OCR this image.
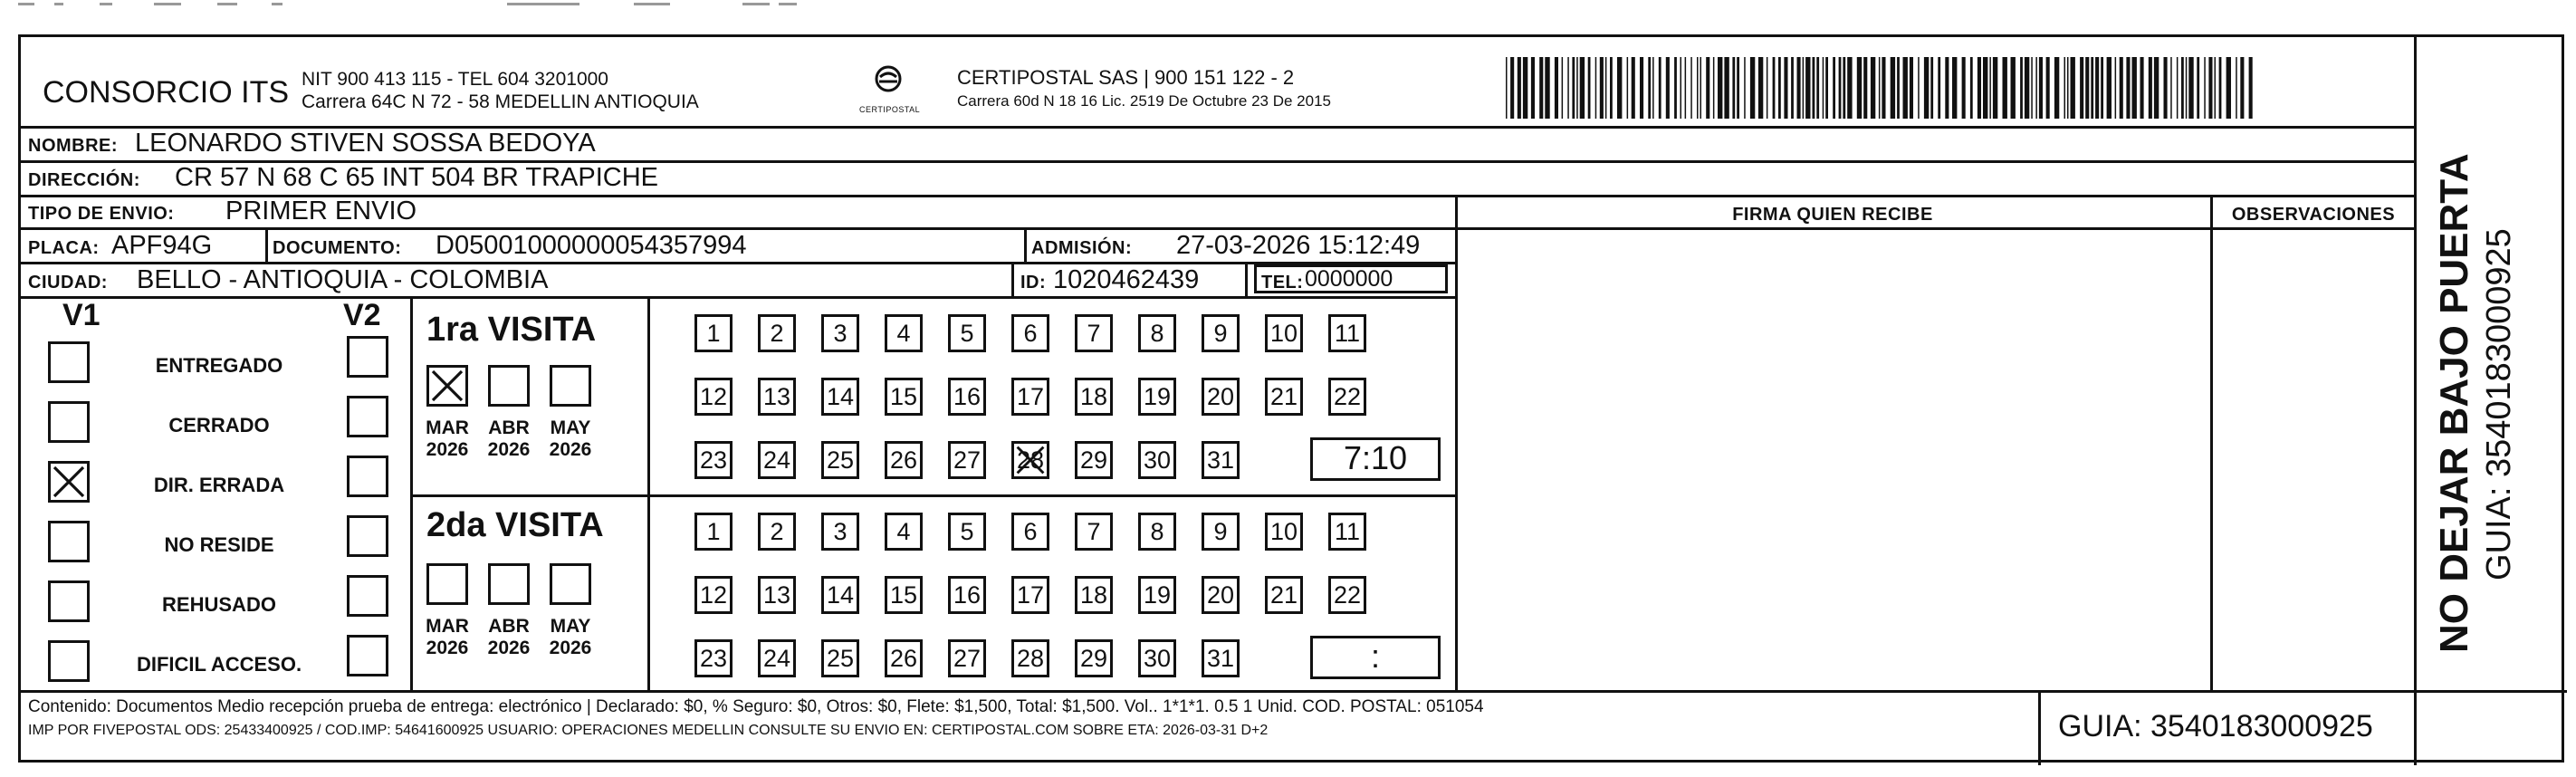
CONSORCIO ITS NIT 900 413 115 - TEL 604 3201000
Carrera 64C N 72 - 58 MEDELLIN ANTIOQUIA	CERTIPOSTAL
CERTIPOSTAL SAS | 900 151 122 - 2
Carrera 60d N 18 16 Lic. 2519 De Octubre 23 De 2015
NOMBRE: LEONARDO STIVEN SOSSA BEDOYA
DIRECCIÓN: CR 57 N 68 C 65 INT 504 BR TRAPICHE
TIPO DE ENVIO: PRIMER ENVIO	FIRMA QUIEN RECIBE	OBSERVACIONES
PLACA: APF94G	DOCUMENTO: D05001000000054357994	ADMISIÓN: 27-03-2026 15:12:49
CIUDAD: BELLO - ANTIOQUIA - COLOMBIA	ID: 1020462439	TEL: 0000000
V1	V2
ENTREGADO
CERRADO
DIR. ERRADA
NO RESIDE
REHUSADO
DIFICIL ACCESO.
1ra VISITA
2da VISITA
MAR
2026
ABR
2026
MAY
2026
1	2	3	4	5	6	7	8	9	10 11
12 13 14 15 16 17 18 19 20 21 22
23 24 25 26 27 28 29 30 31	7:10
MAR
2026
ABR
2026
MAY
2026
1	2	3	4	5	6	7	8	9	10 11
12 13 14 15 16 17 18 19 20 21 22
23 24 25 26 27 28 29 30 31	:
Contenido: Documentos Medio recepción prueba de entrega: electrónico | Declarado: $0, % Seguro: $0, Otros: $0, Flete: $1,500, Total: $1,500. Vol.. 1*1*1. 0.5 1 Unid. COD. POSTAL: 051054
IMP POR FIVEPOSTAL ODS: 25433400925 / COD.IMP: 54641600925 USUARIO: OPERACIONES MEDELLIN CONSULTE SU ENVIO EN: CERTIPOSTAL.COM SOBRE ETA: 2026-03-31 D+2	GUIA: 3540183000925
NO DEJAR BAJO PUERTA GUIA: 3540183000925
